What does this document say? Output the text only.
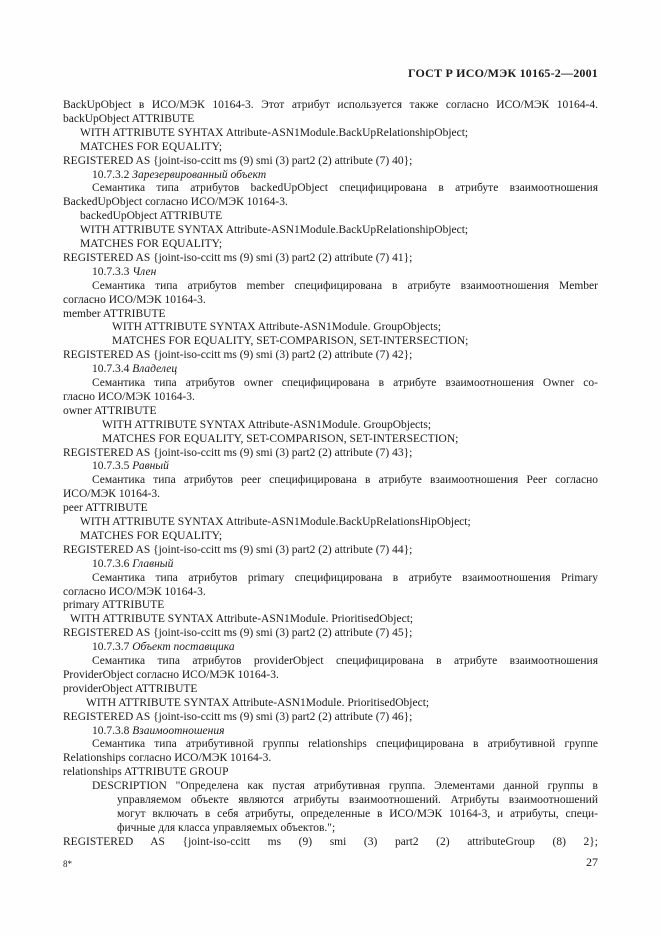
ГОСТ Р ИСО/МЭК 10165-2—2001
BackUpObject в ИСО/МЭК 10164-3. Этот атрибут используется также согласно ИСО/МЭК 10164-4.
backUpObject ATTRIBUTE
WITH ATTRIBUTE SYHTAX Attribute-ASN1Module.BackUpRelationshipObject;
MATCHES FOR EQUALITY;
REGISTERED AS {joint-iso-ccitt ms (9) smi (3) part2 (2) attribute (7) 40};
10.7.3.2 Зарезервированный объект
Семантика типа атрибутов backedUpObject специфицирована в атрибуте взаимоотношения
BackedUpObject согласно ИСО/МЭК 10164-3.
backedUpObject ATTRIBUTE
WITH ATTRIBUTE SYNTAX Attribute-ASN1Module.BackUpRelationshipObject;
MATCHES FOR EQUALITY;
REGISTERED AS {joint-iso-ccitt ms (9) smi (3) part2 (2) attribute (7) 41};
10.7.3.3 Член
Семантика типа атрибутов member специфицирована в атрибуте взаимоотношения Member
согласно ИСО/МЭК 10164-3.
member ATTRIBUTE
WITH ATTRIBUTE SYNTAX Attribute-ASN1Module. GroupObjects;
MATCHES FOR EQUALITY, SET-COMPARISON, SET-INTERSECTION;
REGISTERED AS {joint-iso-ccitt ms (9) smi (3) part2 (2) attribute (7) 42};
10.7.3.4 Владелец
Семантика типа атрибутов owner специфицирована в атрибуте взаимоотношения Owner со-
гласно ИСО/МЭК 10164-3.
owner ATTRIBUTE
WITH ATTRIBUTE SYNTAX Attribute-ASN1Module. GroupObjects;
MATCHES FOR EQUALITY, SET-COMPARISON, SET-INTERSECTION;
REGISTERED AS {joint-iso-ccitt ms (9) smi (3) part2 (2) attribute (7) 43};
10.7.3.5 Равный
Семантика типа атрибутов peer специфицирована в атрибуте взаимоотношения Peer согласно
ИСО/МЭК 10164-3.
peer ATTRIBUTE
WITH ATTRIBUTE SYNTAX Attribute-ASN1Module.BackUpRelationsHipObject;
MATCHES FOR EQUALITY;
REGISTERED AS {joint-iso-ccitt ms (9) smi (3) part2 (2) attribute (7) 44};
10.7.3.6 Главный
Семантика типа атрибутов primary специфицирована в атрибуте взаимоотношения Primary
согласно ИСО/МЭК 10164-3.
primary ATTRIBUTE
WITH ATTRIBUTE SYNTAX Attribute-ASN1Module. PrioritisedObject;
REGISTERED AS {joint-iso-ccitt ms (9) smi (3) part2 (2) attribute (7) 45};
10.7.3.7 Объект поставщика
Семантика типа атрибутов providerObject специфицирована в атрибуте взаимоотношения
ProviderObject согласно ИСО/МЭК 10164-3.
providerObject ATTRIBUTE
WITH ATTRIBUTE SYNTAX Attribute-ASN1Module. PrioritisedObject;
REGISTERED AS {joint-iso-ccitt ms (9) smi (3) part2 (2) attribute (7) 46};
10.7.3.8 Взаимоотношения
Семантика типа атрибутивной группы relationships специфицирована в атрибутивной группе
Relationships согласно ИСО/МЭК 10164-3.
relationships ATTRIBUTE GROUP
DESCRIPTION "Определена как пустая атрибутивная группа. Элементами данной группы в
управляемом объекте являются атрибуты взаимоотношений. Атрибуты взаимоотношений
могут включать в себя атрибуты, определенные в ИСО/МЭК 10164-3, и атрибуты, специ-
фичные для класса управляемых объектов.";
REGISTERED AS {joint-iso-ccitt ms (9) smi (3) part2 (2) attributeGroup (8) 2};
8*	27
